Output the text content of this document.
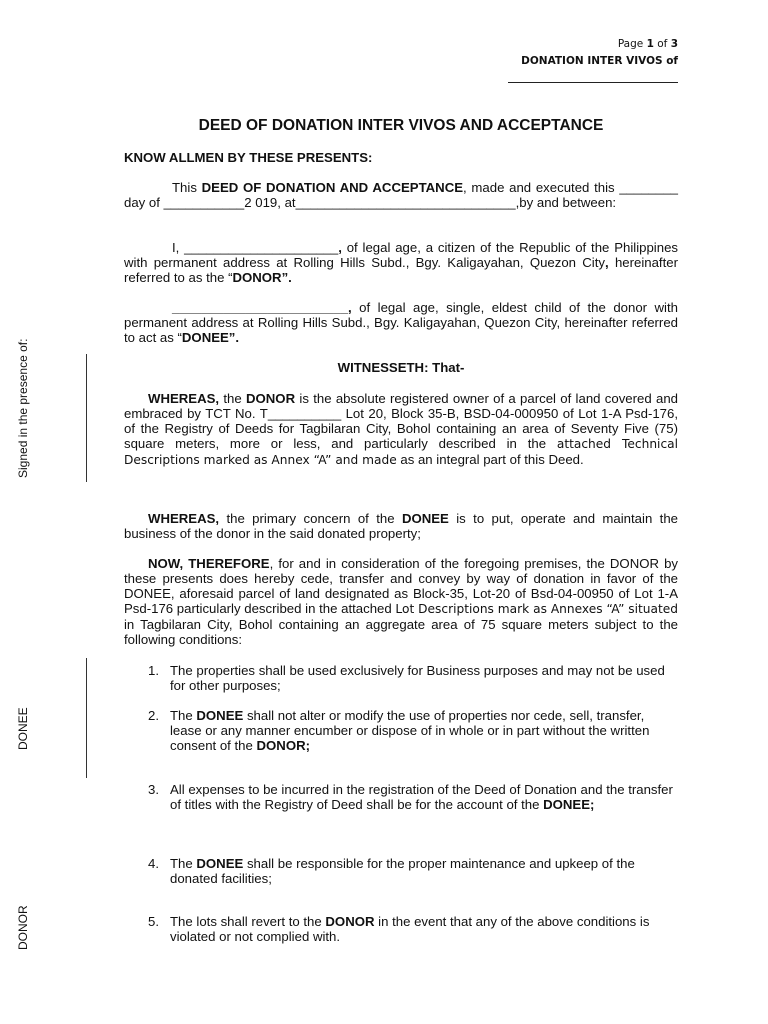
Page 1 of 3
DONATION INTER VIVOS of
DEED OF DONATION INTER VIVOS AND ACCEPTANCE
KNOW ALLMEN BY THESE PRESENTS:

This DEED OF DONATION AND ACCEPTANCE, made and executed this ________ day of ___________2 019, at______________________________,by and between:

I, _____________________, of legal age, a citizen of the Republic of the Philippines with permanent address at Rolling Hills Subd., Bgy. Kaligayahan, Quezon City, hereinafter referred to as the “DONOR”.

________________________, of legal age, single, eldest child of the donor with permanent address at Rolling Hills Subd., Bgy. Kaligayahan, Quezon City, hereinafter referred to act as “DONEE”.

WITNESSETH: That-

WHEREAS, the DONOR is the absolute registered owner of a parcel of land covered and embraced by TCT No. T__________ Lot 20, Block 35-B, BSD-04-000950 of Lot 1-A Psd-176, of the Registry of Deeds for Tagbilaran City, Bohol containing an area of Seventy Five (75) square meters, more or less, and particularly described in the attached Technical Descriptions marked as Annex “A” and made as an integral part of this Deed.

WHEREAS, the primary concern of the DONEE is to put, operate and maintain the business of the donor in the said donated property;

NOW, THEREFORE, for and in consideration of the foregoing premises, the DONOR by these presents does hereby cede, transfer and convey by way of donation in favor of the DONEE, aforesaid parcel of land designated as Block-35, Lot-20 of Bsd-04-00950 of Lot 1-A Psd-176 particularly described in the attached Lot Descriptions mark as Annexes “A” situated in Tagbilaran City, Bohol containing an aggregate area of 75 square meters subject to the following conditions:

1. The properties shall be used exclusively for Business purposes and may not be used for other purposes;
2. The DONEE shall not alter or modify the use of properties nor cede, sell, transfer, lease or any manner encumber or dispose of in whole or in part without the written consent of the DONOR;
3. All expenses to be incurred in the registration of the Deed of Donation and the transfer of titles with the Registry of Deed shall be for the account of the DONEE;
4. The DONEE shall be responsible for the proper maintenance and upkeep of the donated facilities;
5. The lots shall revert to the DONOR in the event that any of the above conditions is violated or not complied with.
Signed in the presence of:
DONEE
DONOR
